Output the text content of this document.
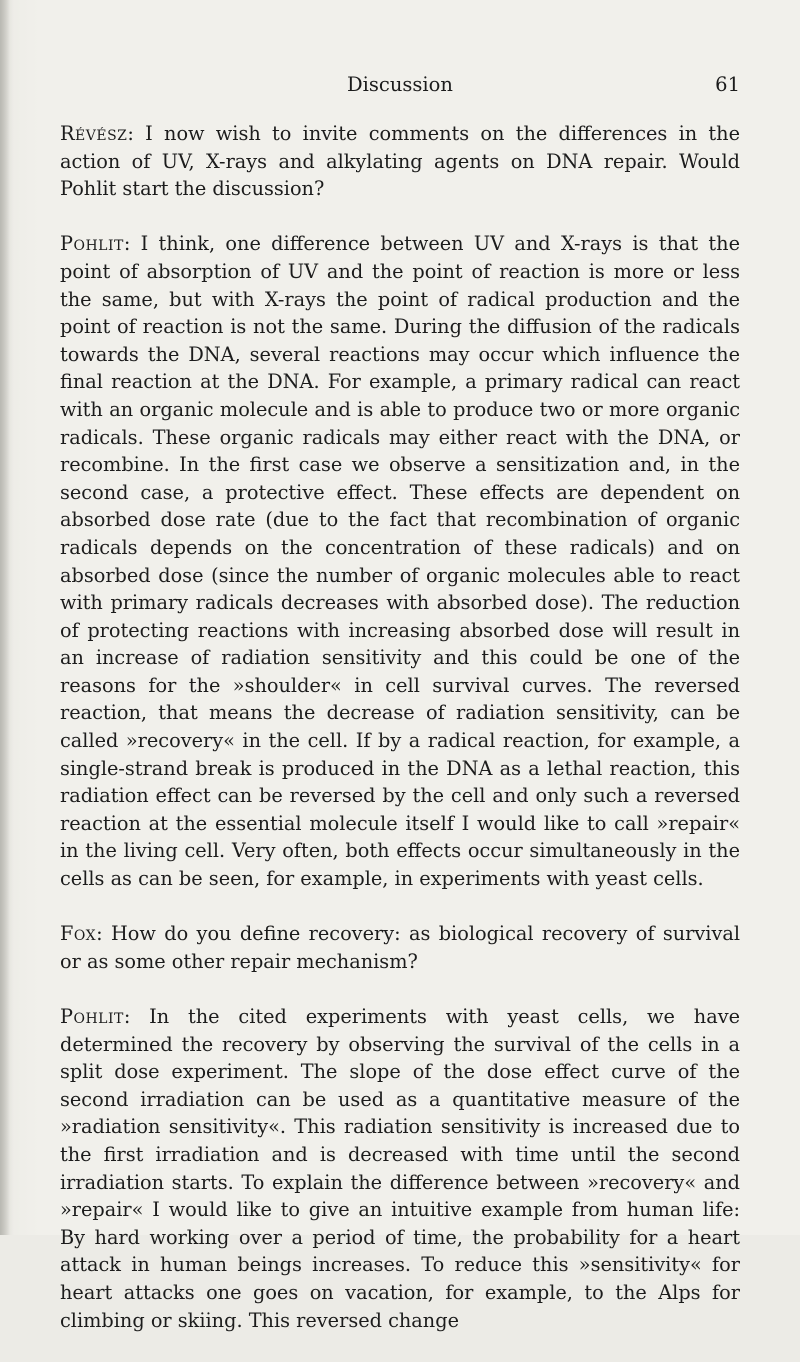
Discussion	61

Révész: I now wish to invite comments on the differences in the action of UV, X-rays and alkylating agents on DNA repair. Would Pohlit start the discussion?

Pohlit: I think, one difference between UV and X-rays is that the point of absorption of UV and the point of reaction is more or less the same, but with X-rays the point of radical production and the point of reaction is not the same. During the diffusion of the radicals towards the DNA, several reactions may occur which influence the final reaction at the DNA. For example, a primary radical can react with an organic molecule and is able to produce two or more organic radicals. These organic radicals may either react with the DNA, or recombine. In the first case we observe a sensitization and, in the second case, a protective effect. These effects are dependent on absorbed dose rate (due to the fact that recombination of organic radicals depends on the concentration of these radicals) and on absorbed dose (since the number of organic molecules able to react with primary radicals decreases with absorbed dose). The reduction of protecting reactions with increasing absorbed dose will result in an increase of radiation sensitivity and this could be one of the reasons for the »shoulder« in cell survival curves. The reversed reaction, that means the decrease of radiation sensitivity, can be called »recovery« in the cell. If by a radical reaction, for example, a single-strand break is produced in the DNA as a lethal reaction, this radiation effect can be reversed by the cell and only such a reversed reaction at the essential molecule itself I would like to call »repair« in the living cell. Very often, both effects occur simultaneously in the cells as can be seen, for example, in experiments with yeast cells.

Fox: How do you define recovery: as biological recovery of survival or as some other repair mechanism?

Pohlit: In the cited experiments with yeast cells, we have determined the recovery by observing the survival of the cells in a split dose experiment. The slope of the dose effect curve of the second irradiation can be used as a quantitative measure of the »radiation sensitivity«. This radiation sensitivity is increased due to the first irradiation and is decreased with time until the second irradiation starts. To explain the difference between »recovery« and »repair« I would like to give an intuitive example from human life: By hard working over a period of time, the probability for a heart attack in human beings increases. To reduce this »sensitivity« for heart attacks one goes on vacation, for example, to the Alps for climbing or skiing. This reversed change
